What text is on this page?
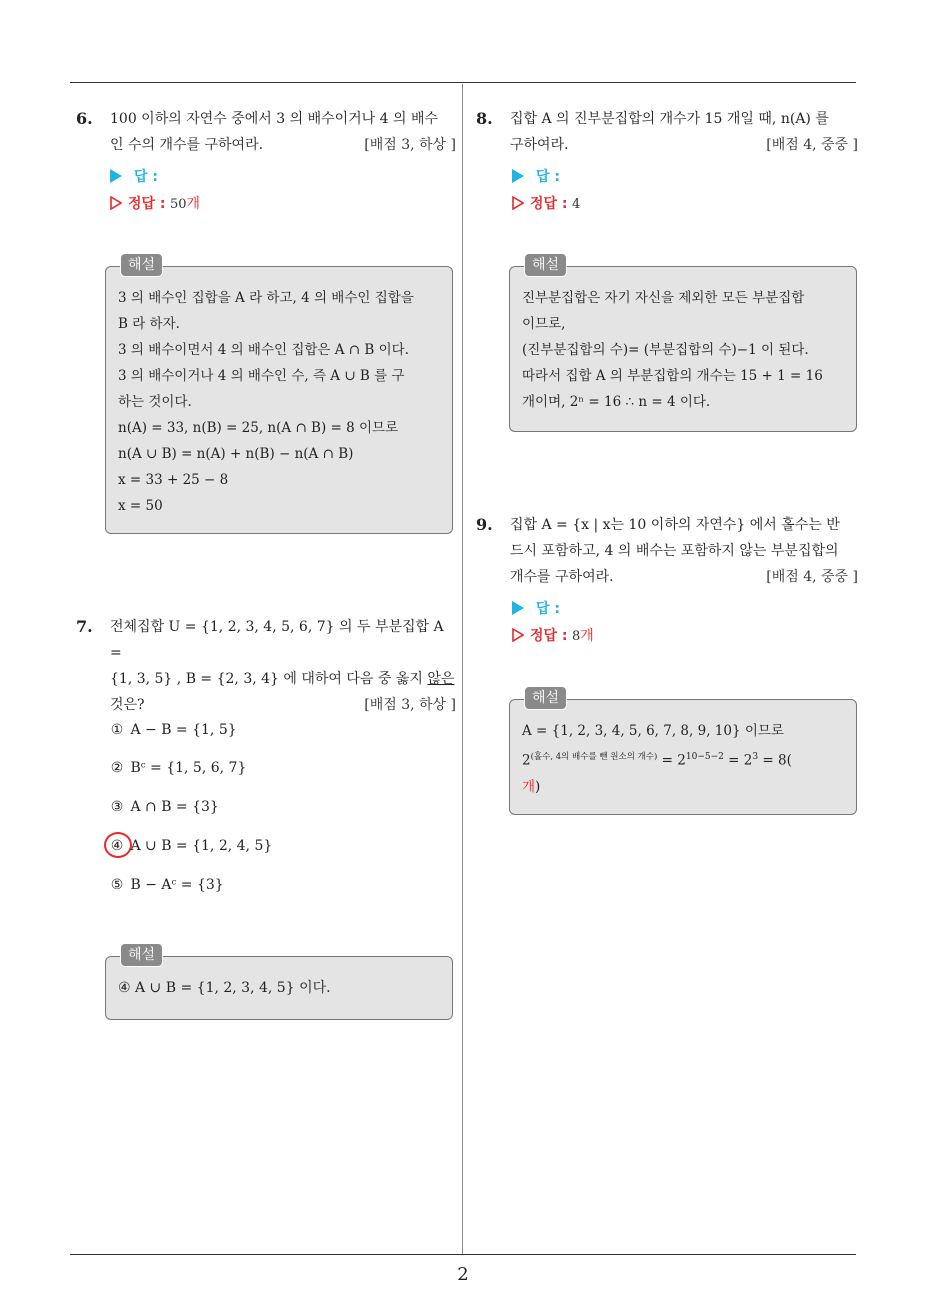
2
6. 100 이하의 자연수 중에서 3 의 배수이거나 4 의 배수
인 수의 개수를 구하여라.	[배점 3, 하상 ]
답 :
정답 : 50개
해설
3 의 배수인 집합을 A 라 하고, 4 의 배수인 집합을
B 라 하자.
3 의 배수이면서 4 의 배수인 집합은 A ∩ B 이다.
3 의 배수이거나 4 의 배수인 수, 즉 A ∪ B 를 구
하는 것이다.
n(A) = 33, n(B) = 25, n(A ∩ B) = 8 이므로
n(A ∪ B) = n(A) + n(B) − n(A ∩ B)
x = 33 + 25 − 8
x = 50
7. 전체집합 U = {1, 2, 3, 4, 5, 6, 7} 의 두 부분집합 A =
{1, 3, 5} , B = {2, 3, 4} 에 대하여 다음 중 옳지 않은
것은?	[배점 3, 하상 ]
① A − B = {1, 5}
② Bᶜ = {1, 5, 6, 7}
③ A ∩ B = {3}
④ A ∪ B = {1, 2, 4, 5}
⑤ B − Aᶜ = {3}
해설
④ A ∪ B = {1, 2, 3, 4, 5} 이다.
8. 집합 A 의 진부분집합의 개수가 15 개일 때, n(A) 를
구하여라.	[배점 4, 중중 ]
답 :
정답 : 4
해설
진부분집합은 자기 자신을 제외한 모든 부분집합
이므로,
(진부분집합의 수)= (부분집합의 수)−1 이 된다.
따라서 집합 A 의 부분집합의 개수는 15 + 1 = 16
개이며, 2ⁿ = 16 ∴ n = 4 이다.
9. 집합 A = {x | x는 10 이하의 자연수} 에서 홀수는 반
드시 포함하고, 4 의 배수는 포함하지 않는 부분집합의
개수를 구하여라.	[배점 4, 중중 ]
답 :
정답 : 8개
해설
A = {1, 2, 3, 4, 5, 6, 7, 8, 9, 10} 이므로
$2^{(홀수, 4의 배수를 뺀 원소의 개수)} = 2^{10-5-2} = 2^3 = 8$(
개)
